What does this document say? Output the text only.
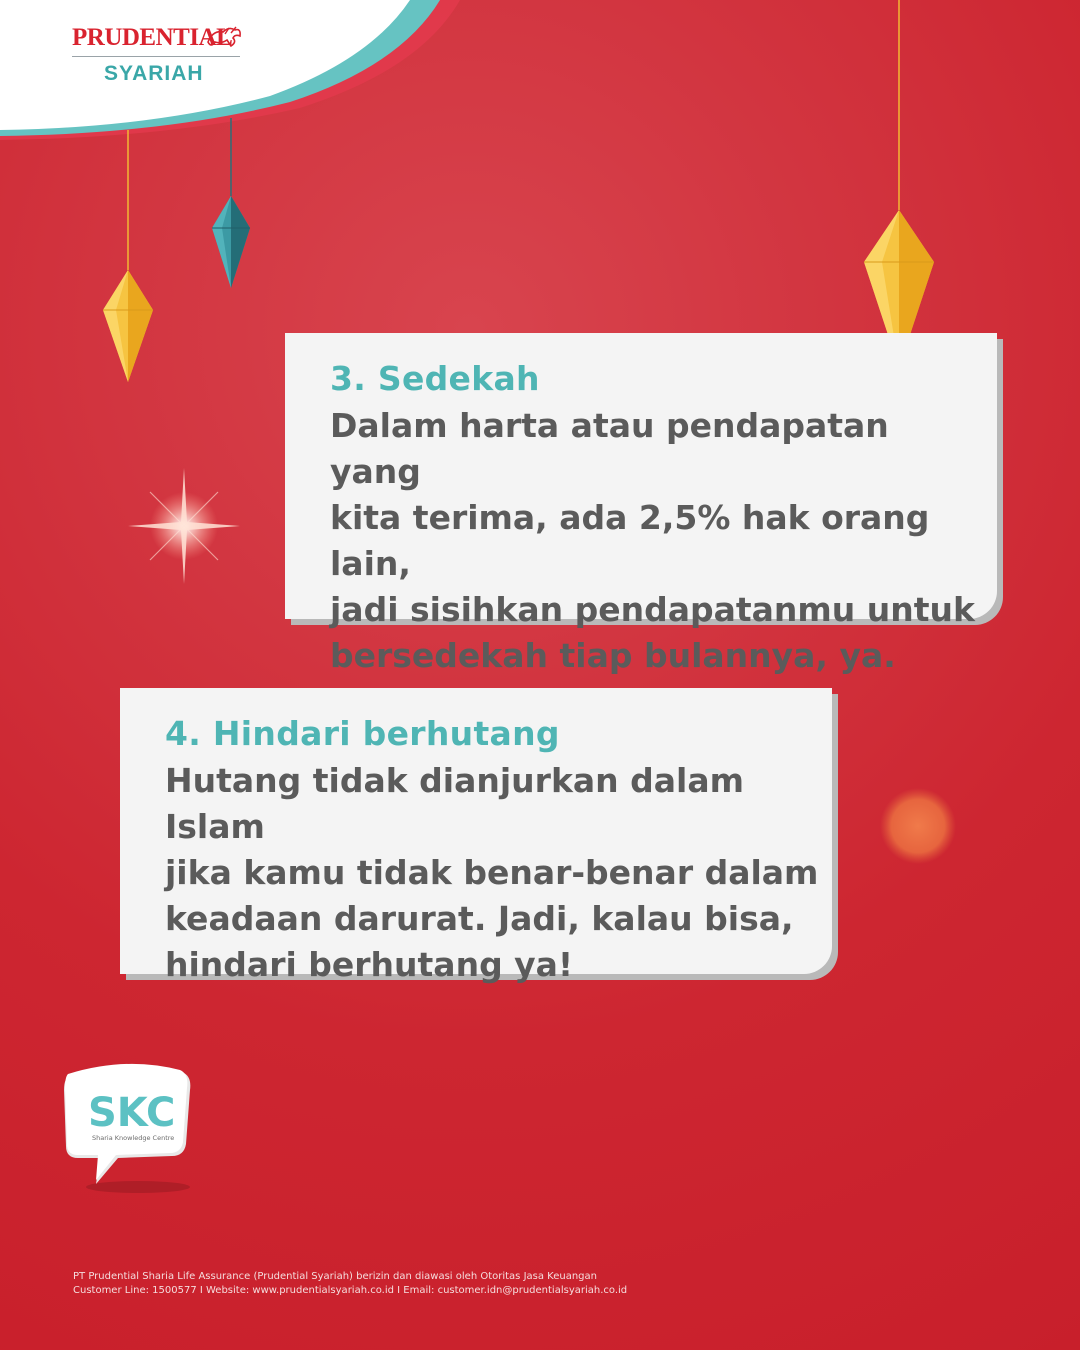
PRUDENTIAL
SYARIAH
3. Sedekah

Dalam harta atau pendapatan yang
kita terima, ada 2,5% hak orang lain,
jadi sisihkan pendapatanmu untuk
bersedekah tiap bulannya, ya.

4. Hindari berhutang

Hutang tidak dianjurkan dalam Islam
jika kamu tidak benar-benar dalam
keadaan darurat. Jadi, kalau bisa,
hindari berhutang ya!

SKC
Sharia Knowledge Centre
PT Prudential Sharia Life Assurance (Prudential Syariah) berizin dan diawasi oleh Otoritas Jasa Keuangan
Customer Line: 1500577 I Website: www.prudentialsyariah.co.id I Email: customer.idn@prudentialsyariah.co.id
